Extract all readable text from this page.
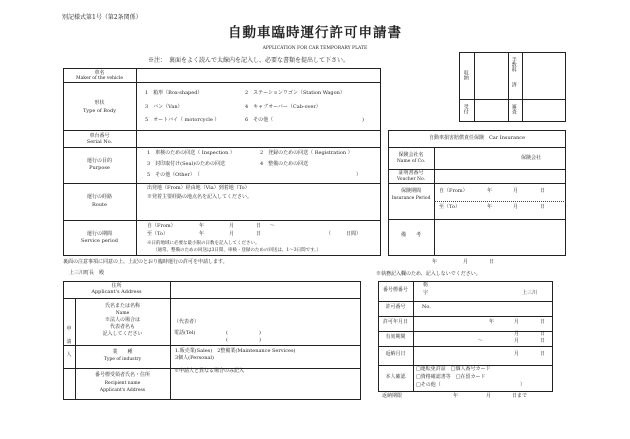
別記様式第1号（第2条関係）
自動車臨時運行許可申請書
APPLICATION FOR CAR TEMPORARY PLATE
※注：　裏面をよく読んで太線内を記入し、必要な書類を提出して下さい。
収納
手数料
済
受付	審査
車名
Maker of the vehicle
形状
Type of Body
1　箱形（Box-shaped）	2　ステーションワゴン（Station Wagon）
3　バン（Van）	4　キャブオーバー（Cab-over）
5　オートバイ（ motorcycle ）	6　その他（	)
車台番号
Serial No.
運行の目的
Purpose
1　車検のための回送（ Inspection ）	2　登録のための回送（ Registration ）
3　封印取付け(Seal)のための回送	4　整備のための回送
5　その他（Other）　（	）
運行の経路
Route
出発地（From）経由地（Via）到着地（To）
※発着主要経路の地点名を記入してください。
運行の期間
Service period
自（From）	年	月	日 ～
至（To）	年	月	日	（　　　日間）
※日的地域に必要な最小限の日数を記入してください。
（通常、整備のための回送は3日間、車検・登録のための回送は、1～3日間です。）
自動車損害賠償責任保険　Car Insurance
保険会社名
Name of Co.
保険会社
証明書番号
Voucher No.
保険期間
Insurance Period
自（From）	年	月	日
至（To）	年	月	日
備　　考
裏面の注意事項に同意の上、上記のとおり臨時運行の許可を申請します。	年	月	日
上三川町長　殿
申
請
人
住所
Applicant's Address
氏名または名称
Name
※法人の場合は
代表者名も
記入してください
（代表者）
電話(Tel)	(	)
(	)
業　　種
Type of industry
1.販売業(Sales)　2整備業(Maintenance Services)
3個人(Personal)
番号標受領者氏名・住所
Recipient name
Applicant's Address
※申請人と異なる場合のみ記入
※執務記入欄のため、記入しないでください。
番号標番号
栃
宇	上三川
許可番号	No.
許可年月日	年	月	日
有効期間	月	日
～	月	日
返納月日	月	日
本人確認
□運転免許証　□個人番号カード
□資格確認書等　□在留カード
□その他（	）
返納期限	年	月	日まで
